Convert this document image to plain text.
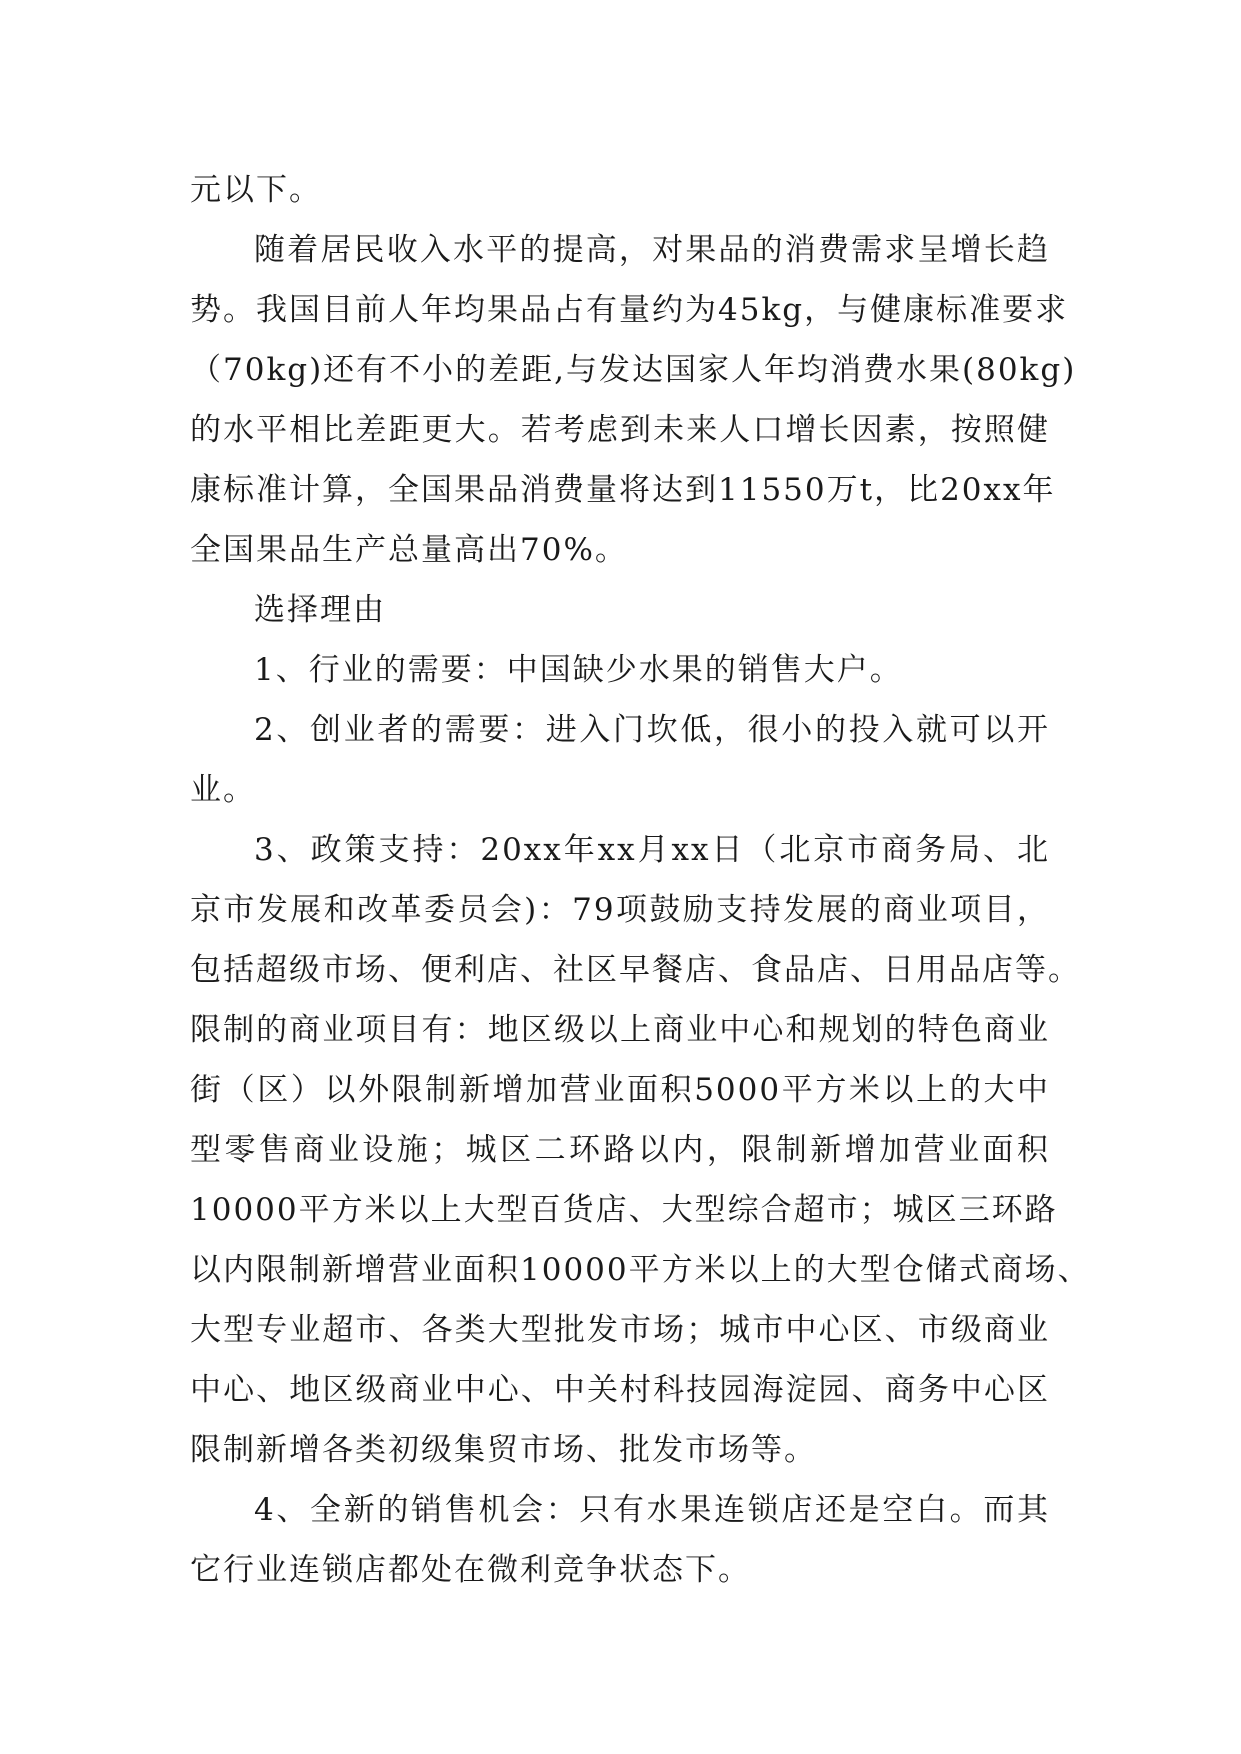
元以下。
随着居民收入水平的提高，对果品的消费需求呈增长趋
势。我国目前人年均果品占有量约为45kg，与健康标准要求
（70kg)还有不小的差距,与发达国家人年均消费水果(80kg)
的水平相比差距更大。若考虑到未来人口增长因素，按照健
康标准计算，全国果品消费量将达到11550万t，比20xx年
全国果品生产总量高出70%。
选择理由
1、行业的需要：中国缺少水果的销售大户。
2、创业者的需要：进入门坎低，很小的投入就可以开
业。
3、政策支持：20xx年xx月xx日（北京市商务局、北
京市发展和改革委员会)：79项鼓励支持发展的商业项目，
包括超级市场、便利店、社区早餐店、食品店、日用品店等。
限制的商业项目有：地区级以上商业中心和规划的特色商业
街（区）以外限制新增加营业面积5000平方米以上的大中
型零售商业设施；城区二环路以内，限制新增加营业面积
10000平方米以上大型百货店、大型综合超市；城区三环路
以内限制新增营业面积10000平方米以上的大型仓储式商场、
大型专业超市、各类大型批发市场；城市中心区、市级商业
中心、地区级商业中心、中关村科技园海淀园、商务中心区
限制新增各类初级集贸市场、批发市场等。
4、全新的销售机会：只有水果连锁店还是空白。而其
它行业连锁店都处在微利竞争状态下。
